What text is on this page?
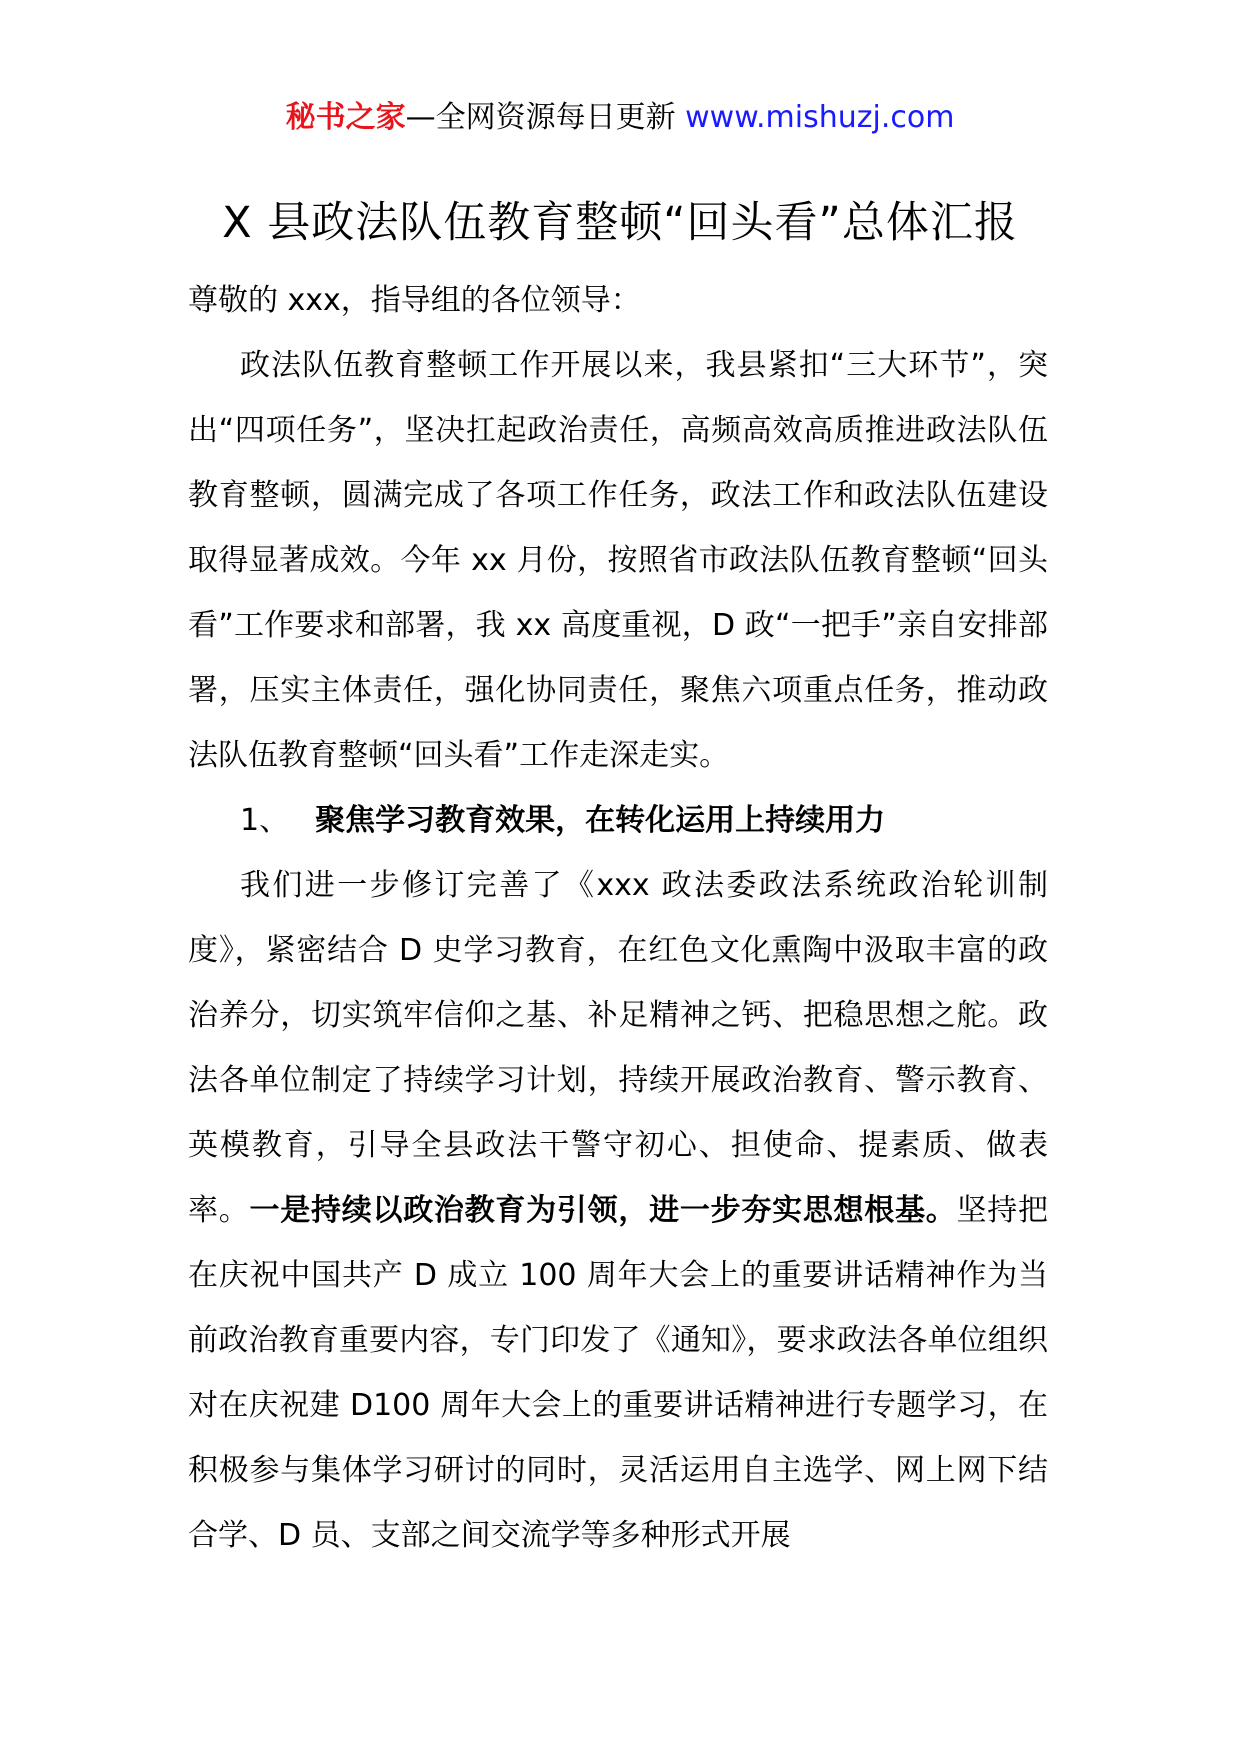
秘书之家—全网资源每日更新 www.mishuzj.com
X 县政法队伍教育整顿“回头看”总体汇报

尊敬的 xxx，指导组的各位领导：

政法队伍教育整顿工作开展以来，我县紧扣“三大环节”，突出“四项任务”，坚决扛起政治责任，高频高效高质推进政法队伍教育整顿，圆满完成了各项工作任务，政法工作和政法队伍建设取得显著成效。今年 xx 月份，按照省市政法队伍教育整顿“回头看”工作要求和部署，我 xx 高度重视，D 政“一把手”亲自安排部署，压实主体责任，强化协同责任，聚焦六项重点任务，推动政法队伍教育整顿“回头看”工作走深走实。

1、 聚焦学习教育效果，在转化运用上持续用力

我们进一步修订完善了《xxx 政法委政法系统政治轮训制度》，紧密结合 D 史学习教育，在红色文化熏陶中汲取丰富的政治养分，切实筑牢信仰之基、补足精神之钙、把稳思想之舵。政法各单位制定了持续学习计划，持续开展政治教育、警示教育、英模教育，引导全县政法干警守初心、担使命、提素质、做表率。一是持续以政治教育为引领，进一步夯实思想根基。坚持把在庆祝中国共产 D 成立 100 周年大会上的重要讲话精神作为当前政治教育重要内容，专门印发了《通知》，要求政法各单位组织对在庆祝建 D100 周年大会上的重要讲话精神进行专题学习，在积极参与集体学习研讨的同时，灵活运用自主选学、网上网下结合学、D 员、支部之间交流学等多种形式开展
